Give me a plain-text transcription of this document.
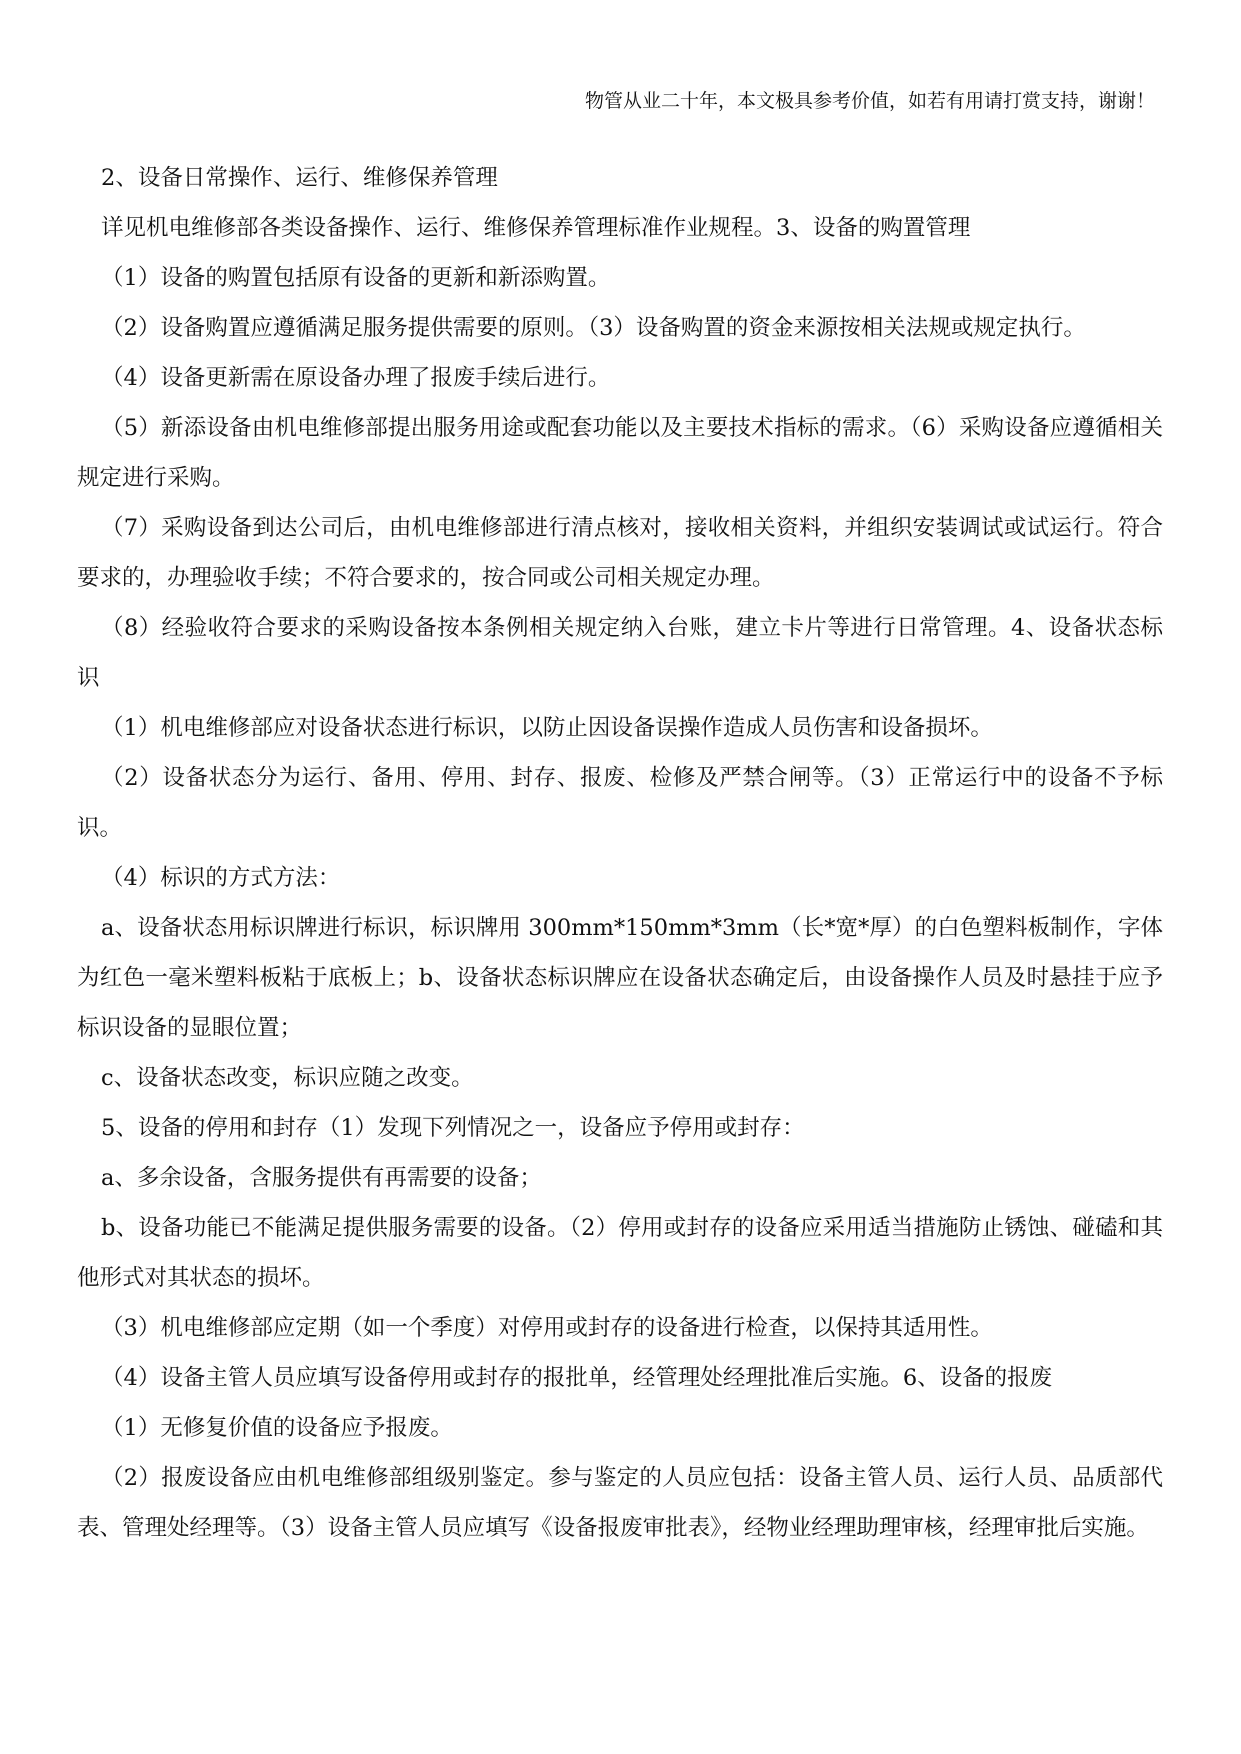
物管从业二十年，本文极具参考价值，如若有用请打赏支持，谢谢！

2、设备日常操作、运行、维修保养管理

详见机电维修部各类设备操作、运行、维修保养管理标准作业规程。3、设备的购置管理

（1）设备的购置包括原有设备的更新和新添购置。

（2）设备购置应遵循满足服务提供需要的原则。（3）设备购置的资金来源按相关法规或规定执行。

（4）设备更新需在原设备办理了报废手续后进行。

（5）新添设备由机电维修部提出服务用途或配套功能以及主要技术指标的需求。（6）采购设备应遵循相关规定进行采购。

（7）采购设备到达公司后，由机电维修部进行清点核对，接收相关资料，并组织安装调试或试运行。符合要求的，办理验收手续；不符合要求的，按合同或公司相关规定办理。

（8）经验收符合要求的采购设备按本条例相关规定纳入台账，建立卡片等进行日常管理。4、设备状态标识

（1）机电维修部应对设备状态进行标识，以防止因设备误操作造成人员伤害和设备损坏。

（2）设备状态分为运行、备用、停用、封存、报废、检修及严禁合闸等。（3）正常运行中的设备不予标识。

（4）标识的方式方法：

a、设备状态用标识牌进行标识，标识牌用 300mm*150mm*3mm（长*宽*厚）的白色塑料板制作，字体为红色一毫米塑料板粘于底板上；b、设备状态标识牌应在设备状态确定后，由设备操作人员及时悬挂于应予标识设备的显眼位置；

c、设备状态改变，标识应随之改变。

5、设备的停用和封存（1）发现下列情况之一，设备应予停用或封存：

a、多余设备，含服务提供有再需要的设备；

b、设备功能已不能满足提供服务需要的设备。（2）停用或封存的设备应采用适当措施防止锈蚀、碰磕和其他形式对其状态的损坏。

（3）机电维修部应定期（如一个季度）对停用或封存的设备进行检查，以保持其适用性。

（4）设备主管人员应填写设备停用或封存的报批单，经管理处经理批准后实施。6、设备的报废

（1）无修复价值的设备应予报废。

（2）报废设备应由机电维修部组级别鉴定。参与鉴定的人员应包括：设备主管人员、运行人员、品质部代表、管理处经理等。（3）设备主管人员应填写《设备报废审批表》，经物业经理助理审核，经理审批后实施。
